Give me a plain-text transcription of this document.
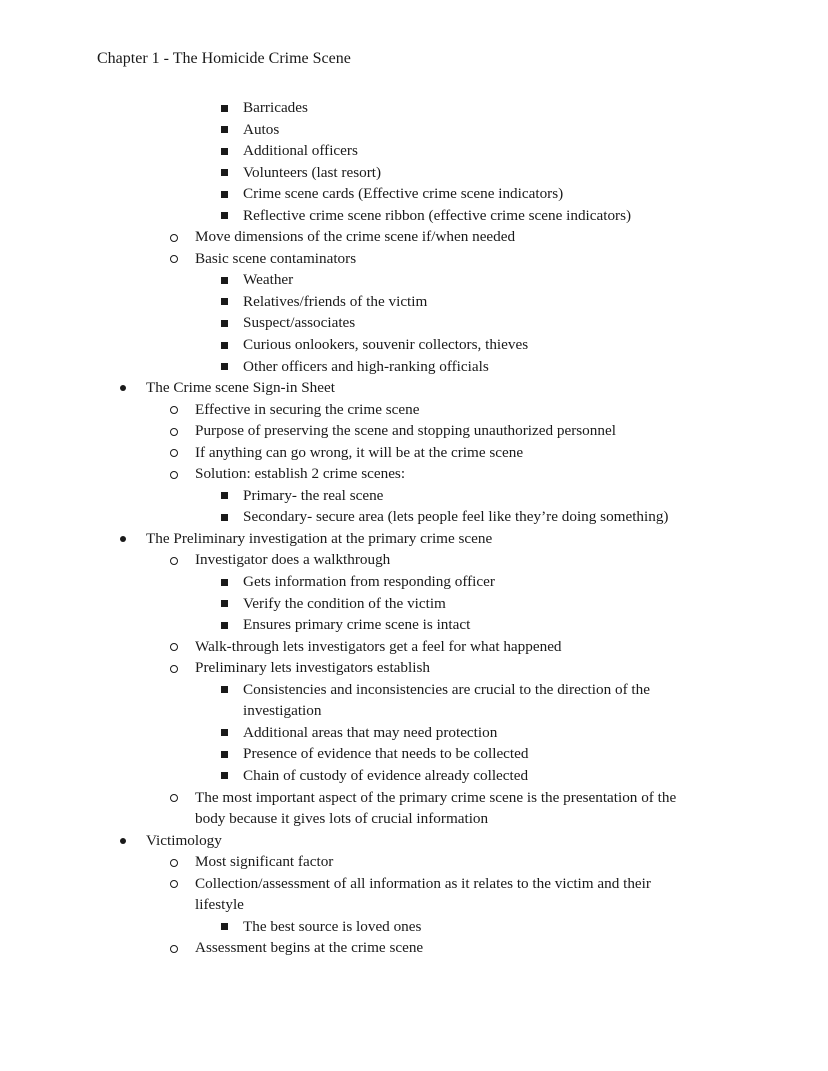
Chapter 1 - The Homicide Crime Scene
Barricades
Autos
Additional officers
Volunteers (last resort)
Crime scene cards (Effective crime scene indicators)
Reflective crime scene ribbon (effective crime scene indicators)
Move dimensions of the crime scene if/when needed
Basic scene contaminators
Weather
Relatives/friends of the victim
Suspect/associates
Curious onlookers, souvenir collectors, thieves
Other officers and high-ranking officials
The Crime scene Sign-in Sheet
Effective in securing the crime scene
Purpose of preserving the scene and stopping unauthorized personnel
If anything can go wrong, it will be at the crime scene
Solution: establish 2 crime scenes:
Primary- the real scene
Secondary- secure area (lets people feel like they’re doing something)
The Preliminary investigation at the primary crime scene
Investigator does a walkthrough
Gets information from responding officer
Verify the condition of the victim
Ensures primary crime scene is intact
Walk-through lets investigators get a feel for what happened
Preliminary lets investigators establish
Consistencies and inconsistencies are crucial to the direction of the
investigation
Additional areas that may need protection
Presence of evidence that needs to be collected
Chain of custody of evidence already collected
The most important aspect of the primary crime scene is the presentation of the
body because it gives lots of crucial information
Victimology
Most significant factor
Collection/assessment of all information as it relates to the victim and their
lifestyle
The best source is loved ones
Assessment begins at the crime scene
